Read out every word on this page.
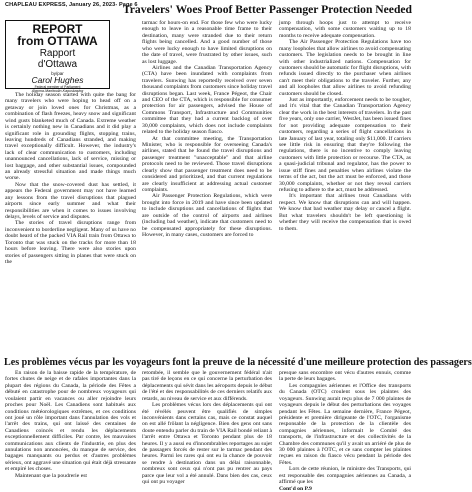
CHAPLEAU EXPRESS, January 26, 2023- Page 6
Travelers' Woes Proof Better Passenger Protection Needed
REPORT
from OTTAWA
Rapport
d'Ottawa
by/par
Carol Hughes
Federal member of Parliament
Algoma-Manitoulin-Kapuskasing

The holiday season started with quite the bang for many travelers who were hoping to head off on a getaway or join loved ones for Christmas, as a combination of flash freezes, heavy snow and significant wind gusts blanketed much of Canada. Extreme weather is certainly nothing new in Canadians and it did play a significant role in grounding flights, stopping trains, leaving hundreds of Canadians stranded, and making travel exceptionally difficult. However, the industry's lack of clear communication to customers, including unannounced cancellations, lack of service, missing or lost baggage, and other substantial issues, compounded an already stressful situation and made things much worse.

Now that the snow-covered dust has settled, it appears the Federal government may not have learned any lessons from the travel disruptions that plagued airports since early summer and what their responsibilities are when it comes to issues involving delays, levels of service and disputes.

The stories of travel disruptions range from inconvenient to borderline negligent. Many of us have no doubt heard of the packed VIA Rail train from Ottawa to Toronto that was stuck on the tracks for more than 18 hours before leaving. There were also stories upon stories of passengers sitting in planes that were stuck on the

tarmac for hours-on end. For those few who were lucky enough to leave in a reasonable time frame to their destination, many were stranded due to their return flights being cancelled. And a good number of those who were lucky enough to have limited disruptions on the date of travel, were frustrated by other issues, such as lost luggage.

Airlines and the Canadian Transportation Agency (CTA) have been inundated with complaints from travelers. Sunwing has reportedly received over seven thousand complaints from customers since holiday travel disruptions began. Last week, France Pégeot, the Chair and CEO of the CTA, which is responsible for consumer protection for air passengers, advised the House of Commons Transport, Infrastructure and Communities committee that they had a current backlog of over 30,000 complaints, which does not include complaints related to the holiday season fiasco.

At that committee meeting, the Transportation Minister, who is responsible for overseeing Canada's airlines, stated that he found the travel disruptions and passenger treatment "unacceptable" and that airline protocols need to be reviewed. Those travel disruptions clearly show that passenger treatment does need to be considered and prioritized, and that current regulations are clearly insufficient at addressing actual customer complaints.

Air Passenger Protection Regulations, which were brought into force in 2019 and have since been updated to include disruptions and cancellations of flights that are outside of the control of airports and airlines (including bad weather), indicate that customers need to be compensated appropriately for these disruptions. However, in many cases, customers are forced to

jump through hoops just to attempt to receive compensation, with some customers waiting up to 18 months to receive adequate compensation.

The Air Passenger Protection Regulations have too many loopholes that allow airlines to avoid compensating customers. The legislation needs to be brought in line with other industrialized nations. Compensation for customers should be automatic for flight disruptions, with refunds issued directly to the purchaser when airlines can't meet their obligations to the traveler. Further, any and all loopholes that allow airlines to avoid refunding customers should be closed.

Just as importantly, enforcement needs to be tougher, and it's vital that the Canadian Transportation Agency clear the work in the best interests of travelers. In the past five years, only one carrier, WestJet, has been issued fines for not providing adequate compensation to their customers, regarding a series of flight cancellations in late January of last year, totaling only $11,000. If carriers see little risk in ensuring that they're following the regulations, there is no incentive to comply leaving customers with little protection or recourse. The CTA, as a quasi-judicial tribunal and regulator, has the power to issue stiff fines and penalties when airlines violate the terms of the act, but the act must be enforced, and those 30,000 complaints, whether or not they reveal carriers refusing to adhere to the act, must be addressed.

It's important that airlines treat Canadians with respect. We know that disruptions can and will happen. We know that bad weather may delay or cancel a flight. But what travelers shouldn't be left questioning is whether they will receive the compensation that is owed to them.

Les problèmes vécus par les voyageurs font la preuve de la nécessité d'une meilleure protection des passagers

En raison de la baisse rapide de la température, de fortes chutes de neige et de rafales importantes dans la plupart des régions du Canada, la période des Fêtes a débuté en catastrophe pour de nombreux voyageurs qui voulaient partir en vacances ou aller rejoindre leurs proches pour Noël. Les Canadiens sont habitués aux conditions météorologiques extrêmes, et ces conditions ont joué un rôle important dans l'annulation des vols et l'arrêt des trains, qui ont laissé des centaines de Canadiens coincés et rendu les déplacements exceptionnellement difficiles. Par contre, les mauvaises communications aux clients de l'industrie, en plus des annulations non annoncées, du manque de service, des bagages manquants ou perdus et d'autres problèmes sérieux, ont aggravé une situation qui était déjà stressante et empiré les choses.

Maintenant que la poudrerie est

retombée, il semble que le gouvernement fédéral n'ait pas tiré de leçons en ce qui concerne la perturbation des déplacements qui sévit dans les aéroports depuis le début de l'été et des responsabilités de ces derniers relatifs aux retards, au niveau de service et aux différends.

Les problèmes vécus lors des déplacements qui ont été révélés peuvent être qualifiés de simples inconvénients dans certains cas, mais ce constat auquel on est allé frôlant la négligence. Bien des gens ont sans doute entendu parler du train de VIA Rail bondé reliant à l'arrêt entre Ottawa et Toronto pendant plus de 18 heures. Il y a aussi eu d'innombrables reportages au sujet de passagers forcés de rester sur le tarmac pendant des heures. Parmi les rares qui ont eu la chance de pouvoir se rendre à destination dans un délai raisonnable, nombreux sont ceux qui n'ont pas pu rentrer au pays parce que leur vol a été annulé. Dans bien des cas, ceux qui ont pu voyager

presque sans encombre ont vécu d'autres ennuis, comme la perte de leurs bagages.

Les compagnies aériennes et l'Office des transports du Canada (OTC) croulent sous les plaintes des voyageurs. Sunwing aurait reçu plus de 7 000 plaintes de voyageurs depuis le début des perturbations des voyages pendant les Fêtes. La semaine dernière, France Pégeot, présidente et première dirigeante de l'OTC, l'organisme responsable de la protection de la clientèle des compagnies aériennes, informait le Comité des transports, de l'infrastructure et des collectivités de la Chambre des communes qu'il y avait un arriéré de plus de 30 000 plaintes à l'OTC, et ce sans compter les plaintes reçues en raison du fiasco vécu pendant la période des Fêtes.

Lors de cette réunion, le ministre des Transports, qui est responsable des compagnies aériennes au Canada, a affirmé que les

Cont'd on P.9
